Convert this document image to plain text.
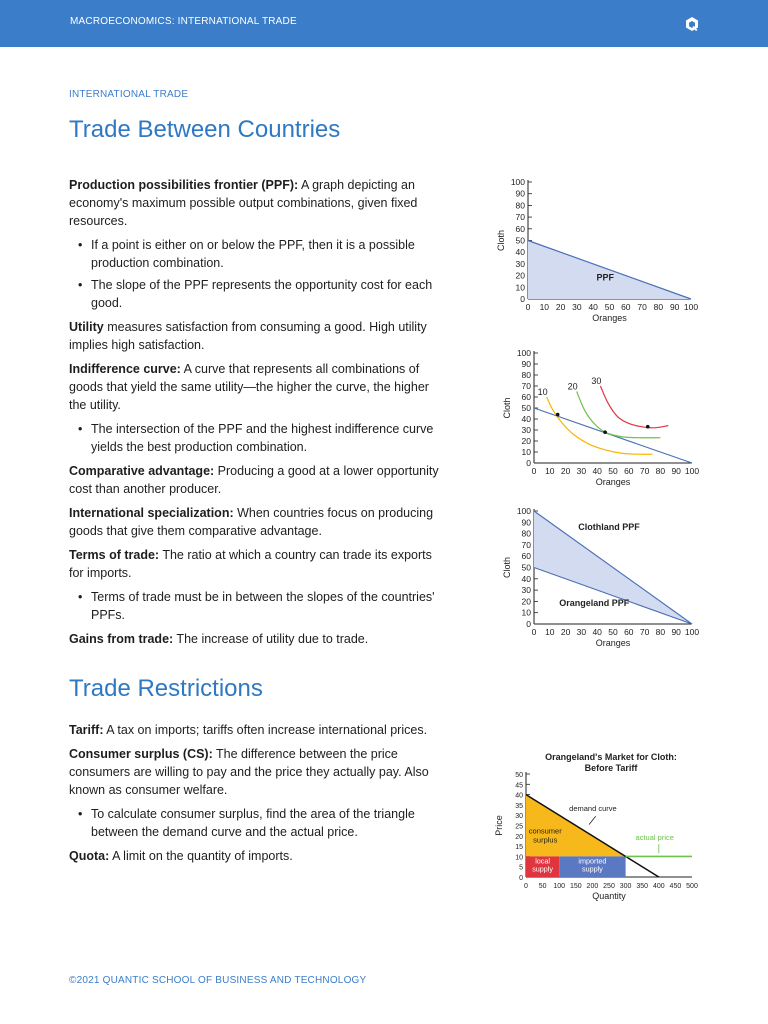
MACROECONOMICS: INTERNATIONAL TRADE
INTERNATIONAL TRADE
Trade Between Countries

Production possibilities frontier (PPF): A graph depicting an economy's maximum possible output combinations, given fixed resources.

• If a point is either on or below the PPF, then it is a possible production combination.
• The slope of the PPF represents the opportunity cost for each good.

Utility measures satisfaction from consuming a good. High utility implies high satisfaction.

Indifference curve: A curve that represents all combinations of goods that yield the same utility—the higher the curve, the higher the utility.

• The intersection of the PPF and the highest indifference curve yields the best production combination.

Comparative advantage: Producing a good at a lower opportunity cost than another producer.

International specialization: When countries focus on producing goods that give them comparative advantage.

Terms of trade: The ratio at which a country can trade its exports for imports.

• Terms of trade must be in between the slopes of the countries' PPFs.

Gains from trade: The increase of utility due to trade.

Trade Restrictions

Tariff: A tax on imports; tariffs often increase international prices.

Consumer surplus (CS): The difference between the price consumers are willing to pay and the price they actually pay. Also known as consumer welfare.

• To calculate consumer surplus, find the area of the triangle between the demand curve and the actual price.

Quota: A limit on the quantity of imports.

©2021 QUANTIC SCHOOL OF BUSINESS AND TECHNOLOGY
0
10
20
30
40
50
60
70
80
90
100
0 10 20 30 40 50 60 70 80 90 100
Oranges
Cloth
PPF
0
10
20
30
40
50
60
70
80
90
100
0 10 20 30 40 50 60 70 80 90 100
Oranges
Cloth
10
20
30
0
10
20
30
40
50
60
70
80
90
100
0 10 20 30 40 50 60 70 80 90 100
Oranges
Cloth
Clothland PPF
Orangeland PPF
Orangeland's Market for Cloth: Before Tariff
0
5
10
15
20
25
30
35
40
45
50
0 50 100 150 200 250 300 350 400 450 500
Quantity
Price
demand curve
actual price
consumer surplus
local supply
imported supply
